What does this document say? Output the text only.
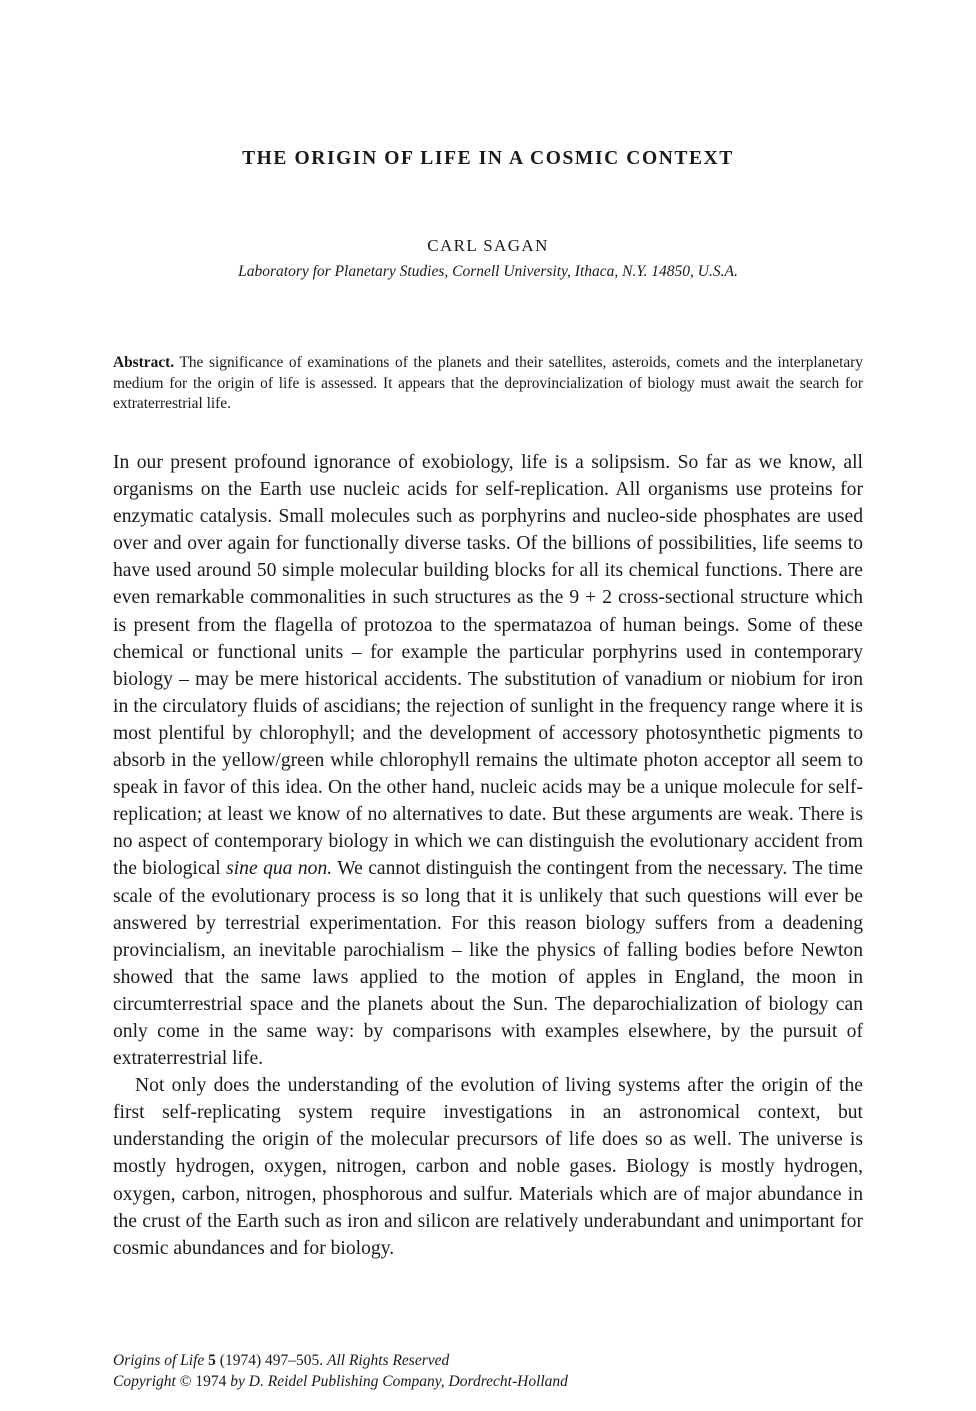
THE ORIGIN OF LIFE IN A COSMIC CONTEXT
CARL SAGAN
Laboratory for Planetary Studies, Cornell University, Ithaca, N.Y. 14850, U.S.A.
Abstract. The significance of examinations of the planets and their satellites, asteroids, comets and the interplanetary medium for the origin of life is assessed. It appears that the deprovincialization of biology must await the search for extraterrestrial life.

In our present profound ignorance of exobiology, life is a solipsism. So far as we know, all organisms on the Earth use nucleic acids for self-replication. All organisms use proteins for enzymatic catalysis. Small molecules such as porphyrins and nucleo-side phosphates are used over and over again for functionally diverse tasks. Of the billions of possibilities, life seems to have used around 50 simple molecular building blocks for all its chemical functions. There are even remarkable commonalities in such structures as the 9 + 2 cross-sectional structure which is present from the flagella of protozoa to the spermatazoa of human beings. Some of these chemical or functional units – for example the particular porphyrins used in contemporary biology – may be mere historical accidents. The substitution of vanadium or niobium for iron in the circulatory fluids of ascidians; the rejection of sunlight in the frequency range where it is most plentiful by chlorophyll; and the development of accessory photosynthetic pigments to absorb in the yellow/green while chlorophyll remains the ultimate photon acceptor all seem to speak in favor of this idea. On the other hand, nucleic acids may be a unique molecule for self-replication; at least we know of no alternatives to date. But these arguments are weak. There is no aspect of contemporary biology in which we can distinguish the evolutionary accident from the biological sine qua non. We cannot distinguish the contingent from the necessary. The time scale of the evolutionary process is so long that it is unlikely that such questions will ever be answered by terrestrial experimentation. For this reason biology suffers from a deadening provincialism, an inevitable parochialism – like the physics of falling bodies before Newton showed that the same laws applied to the motion of apples in England, the moon in circumterrestrial space and the planets about the Sun. The deparochialization of biology can only come in the same way: by comparisons with examples elsewhere, by the pursuit of extraterrestrial life.

Not only does the understanding of the evolution of living systems after the origin of the first self-replicating system require investigations in an astronomical context, but understanding the origin of the molecular precursors of life does so as well. The universe is mostly hydrogen, oxygen, nitrogen, carbon and noble gases. Biology is mostly hydrogen, oxygen, carbon, nitrogen, phosphorous and sulfur. Materials which are of major abundance in the crust of the Earth such as iron and silicon are relatively underabundant and unimportant for cosmic abundances and for biology.

Origins of Life 5 (1974) 497–505. All Rights Reserved
Copyright © 1974 by D. Reidel Publishing Company, Dordrecht-Holland
